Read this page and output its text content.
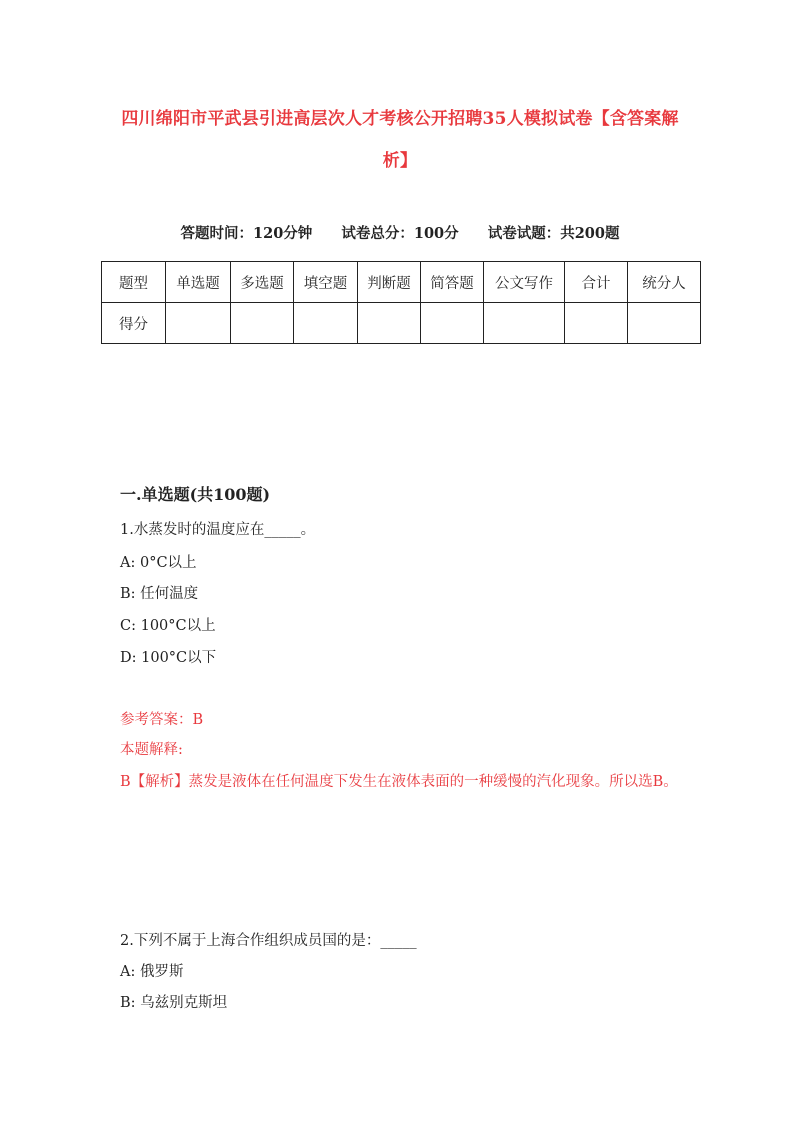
四川绵阳市平武县引进高层次人才考核公开招聘35人模拟试卷【含答案解析】
答题时间：120分钟 试卷总分：100分 试卷试题：共200题
题型	单选题	多选题	填空题	判断题	简答题	公文写作	合计	统分人
得分								
一.单选题(共100题)
1.水蒸发时的温度应在_____。
A: 0°C以上
B: 任何温度
C: 100°C以上
D: 100°C以下
参考答案：B
本题解释:
B【解析】蒸发是液体在任何温度下发生在液体表面的一种缓慢的汽化现象。所以选B。
2.下列不属于上海合作组织成员国的是：_____
A: 俄罗斯
B: 乌兹别克斯坦
